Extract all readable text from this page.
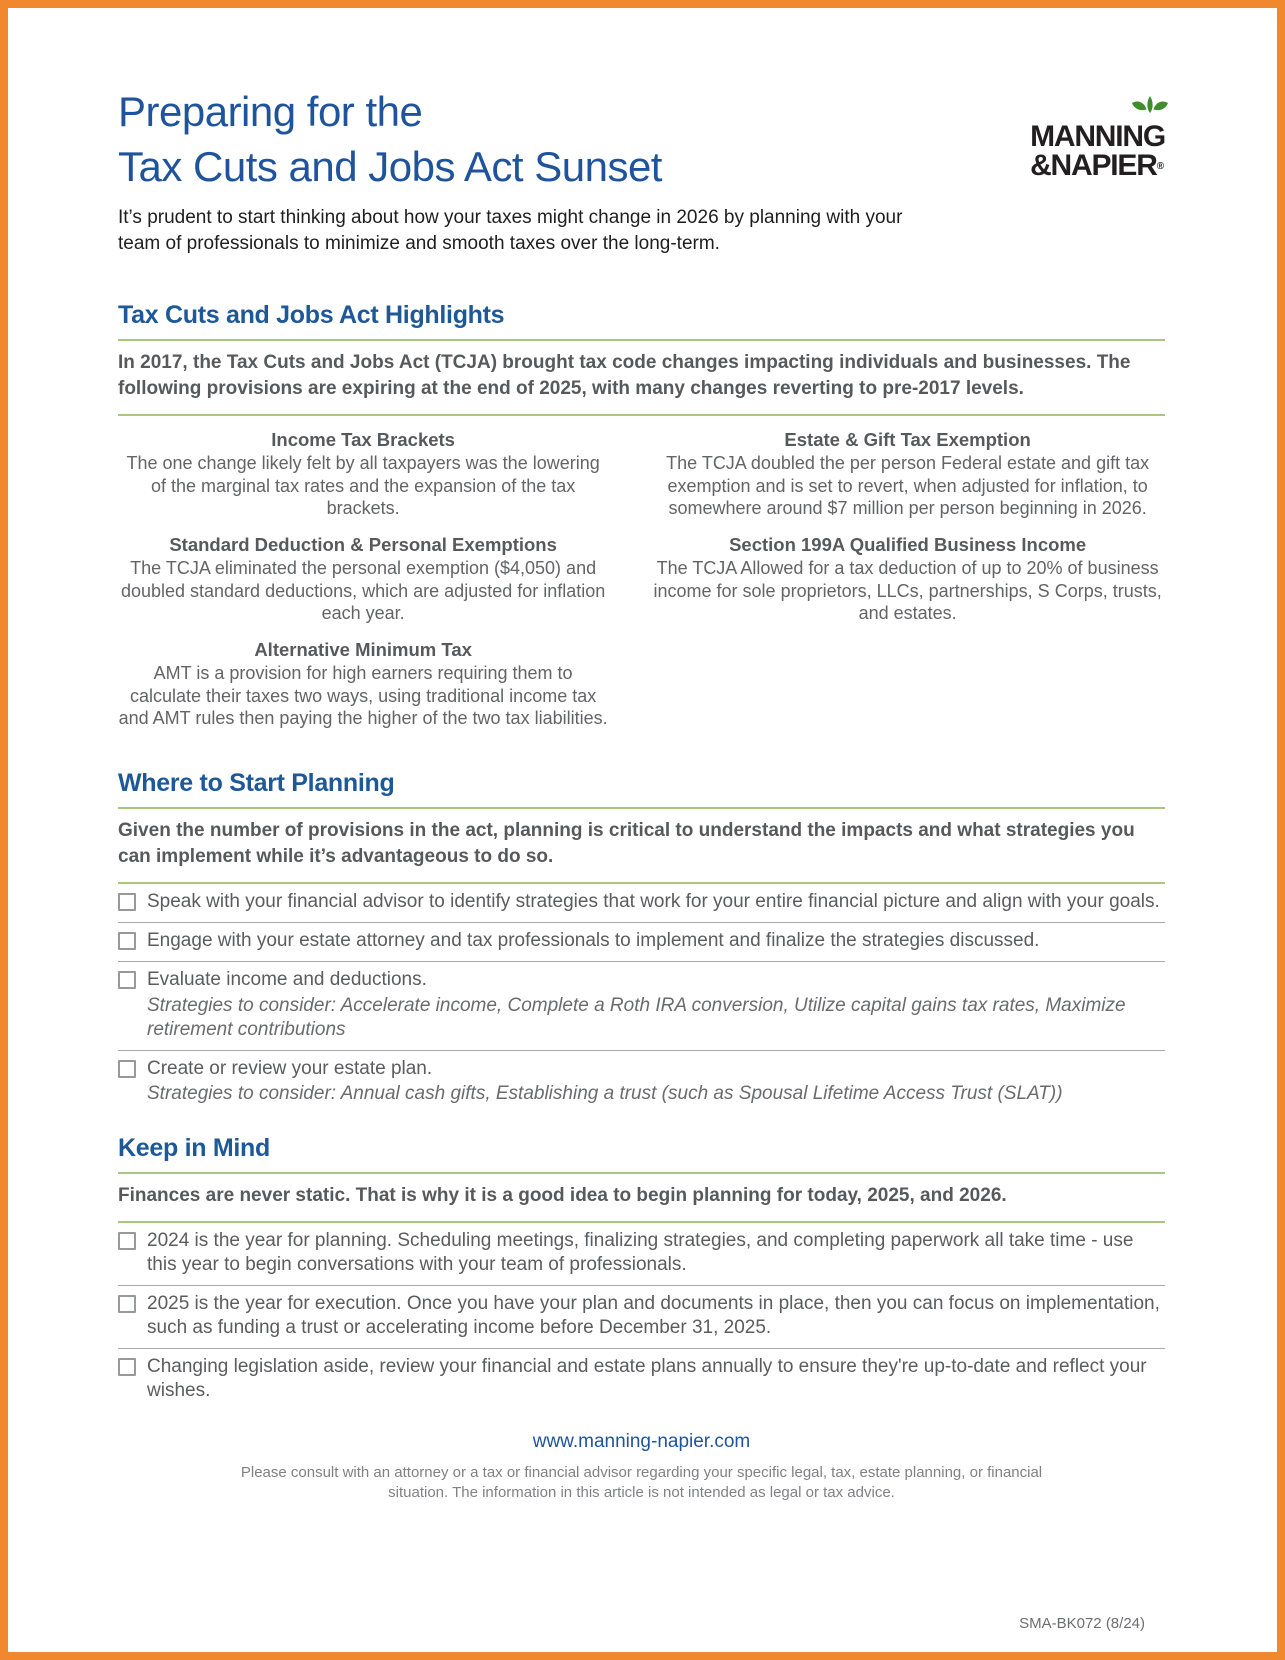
Preparing for the
Tax Cuts and Jobs Act Sunset
It’s prudent to start thinking about how your taxes might change in 2026 by planning with your team of professionals to minimize and smooth taxes over the long-term.
MANNING
&NAPIER®
Tax Cuts and Jobs Act Highlights
In 2017, the Tax Cuts and Jobs Act (TCJA) brought tax code changes impacting individuals and businesses. The following provisions are expiring at the end of 2025, with many changes reverting to pre-2017 levels.
Income Tax Brackets
The one change likely felt by all taxpayers was the lowering of the marginal tax rates and the expansion of the tax brackets.
Standard Deduction & Personal Exemptions
The TCJA eliminated the personal exemption ($4,050) and doubled standard deductions, which are adjusted for inflation each year.
Alternative Minimum Tax
AMT is a provision for high earners requiring them to calculate their taxes two ways, using traditional income tax and AMT rules then paying the higher of the two tax liabilities.
Estate & Gift Tax Exemption
The TCJA doubled the per person Federal estate and gift tax exemption and is set to revert, when adjusted for inflation, to somewhere around $7 million per person beginning in 2026.
Section 199A Qualified Business Income
The TCJA Allowed for a tax deduction of up to 20% of business income for sole proprietors, LLCs, partnerships, S Corps, trusts, and estates.
Where to Start Planning
Given the number of provisions in the act, planning is critical to understand the impacts and what strategies you can implement while it’s advantageous to do so.
Speak with your financial advisor to identify strategies that work for your entire financial picture and align with your goals.
Engage with your estate attorney and tax professionals to implement and finalize the strategies discussed.
Evaluate income and deductions.
Strategies to consider: Accelerate income, Complete a Roth IRA conversion, Utilize capital gains tax rates, Maximize retirement contributions
Create or review your estate plan.
Strategies to consider: Annual cash gifts, Establishing a trust (such as Spousal Lifetime Access Trust (SLAT))
Keep in Mind
Finances are never static. That is why it is a good idea to begin planning for today, 2025, and 2026.
2024 is the year for planning. Scheduling meetings, finalizing strategies, and completing paperwork all take time - use this year to begin conversations with your team of professionals.
2025 is the year for execution. Once you have your plan and documents in place, then you can focus on implementation, such as funding a trust or accelerating income before December 31, 2025.
Changing legislation aside, review your financial and estate plans annually to ensure they're up-to-date and reflect your wishes.
www.manning-napier.com
Please consult with an attorney or a tax or financial advisor regarding your specific legal, tax, estate planning, or financial situation. The information in this article is not intended as legal or tax advice.
SMA-BK072 (8/24)
